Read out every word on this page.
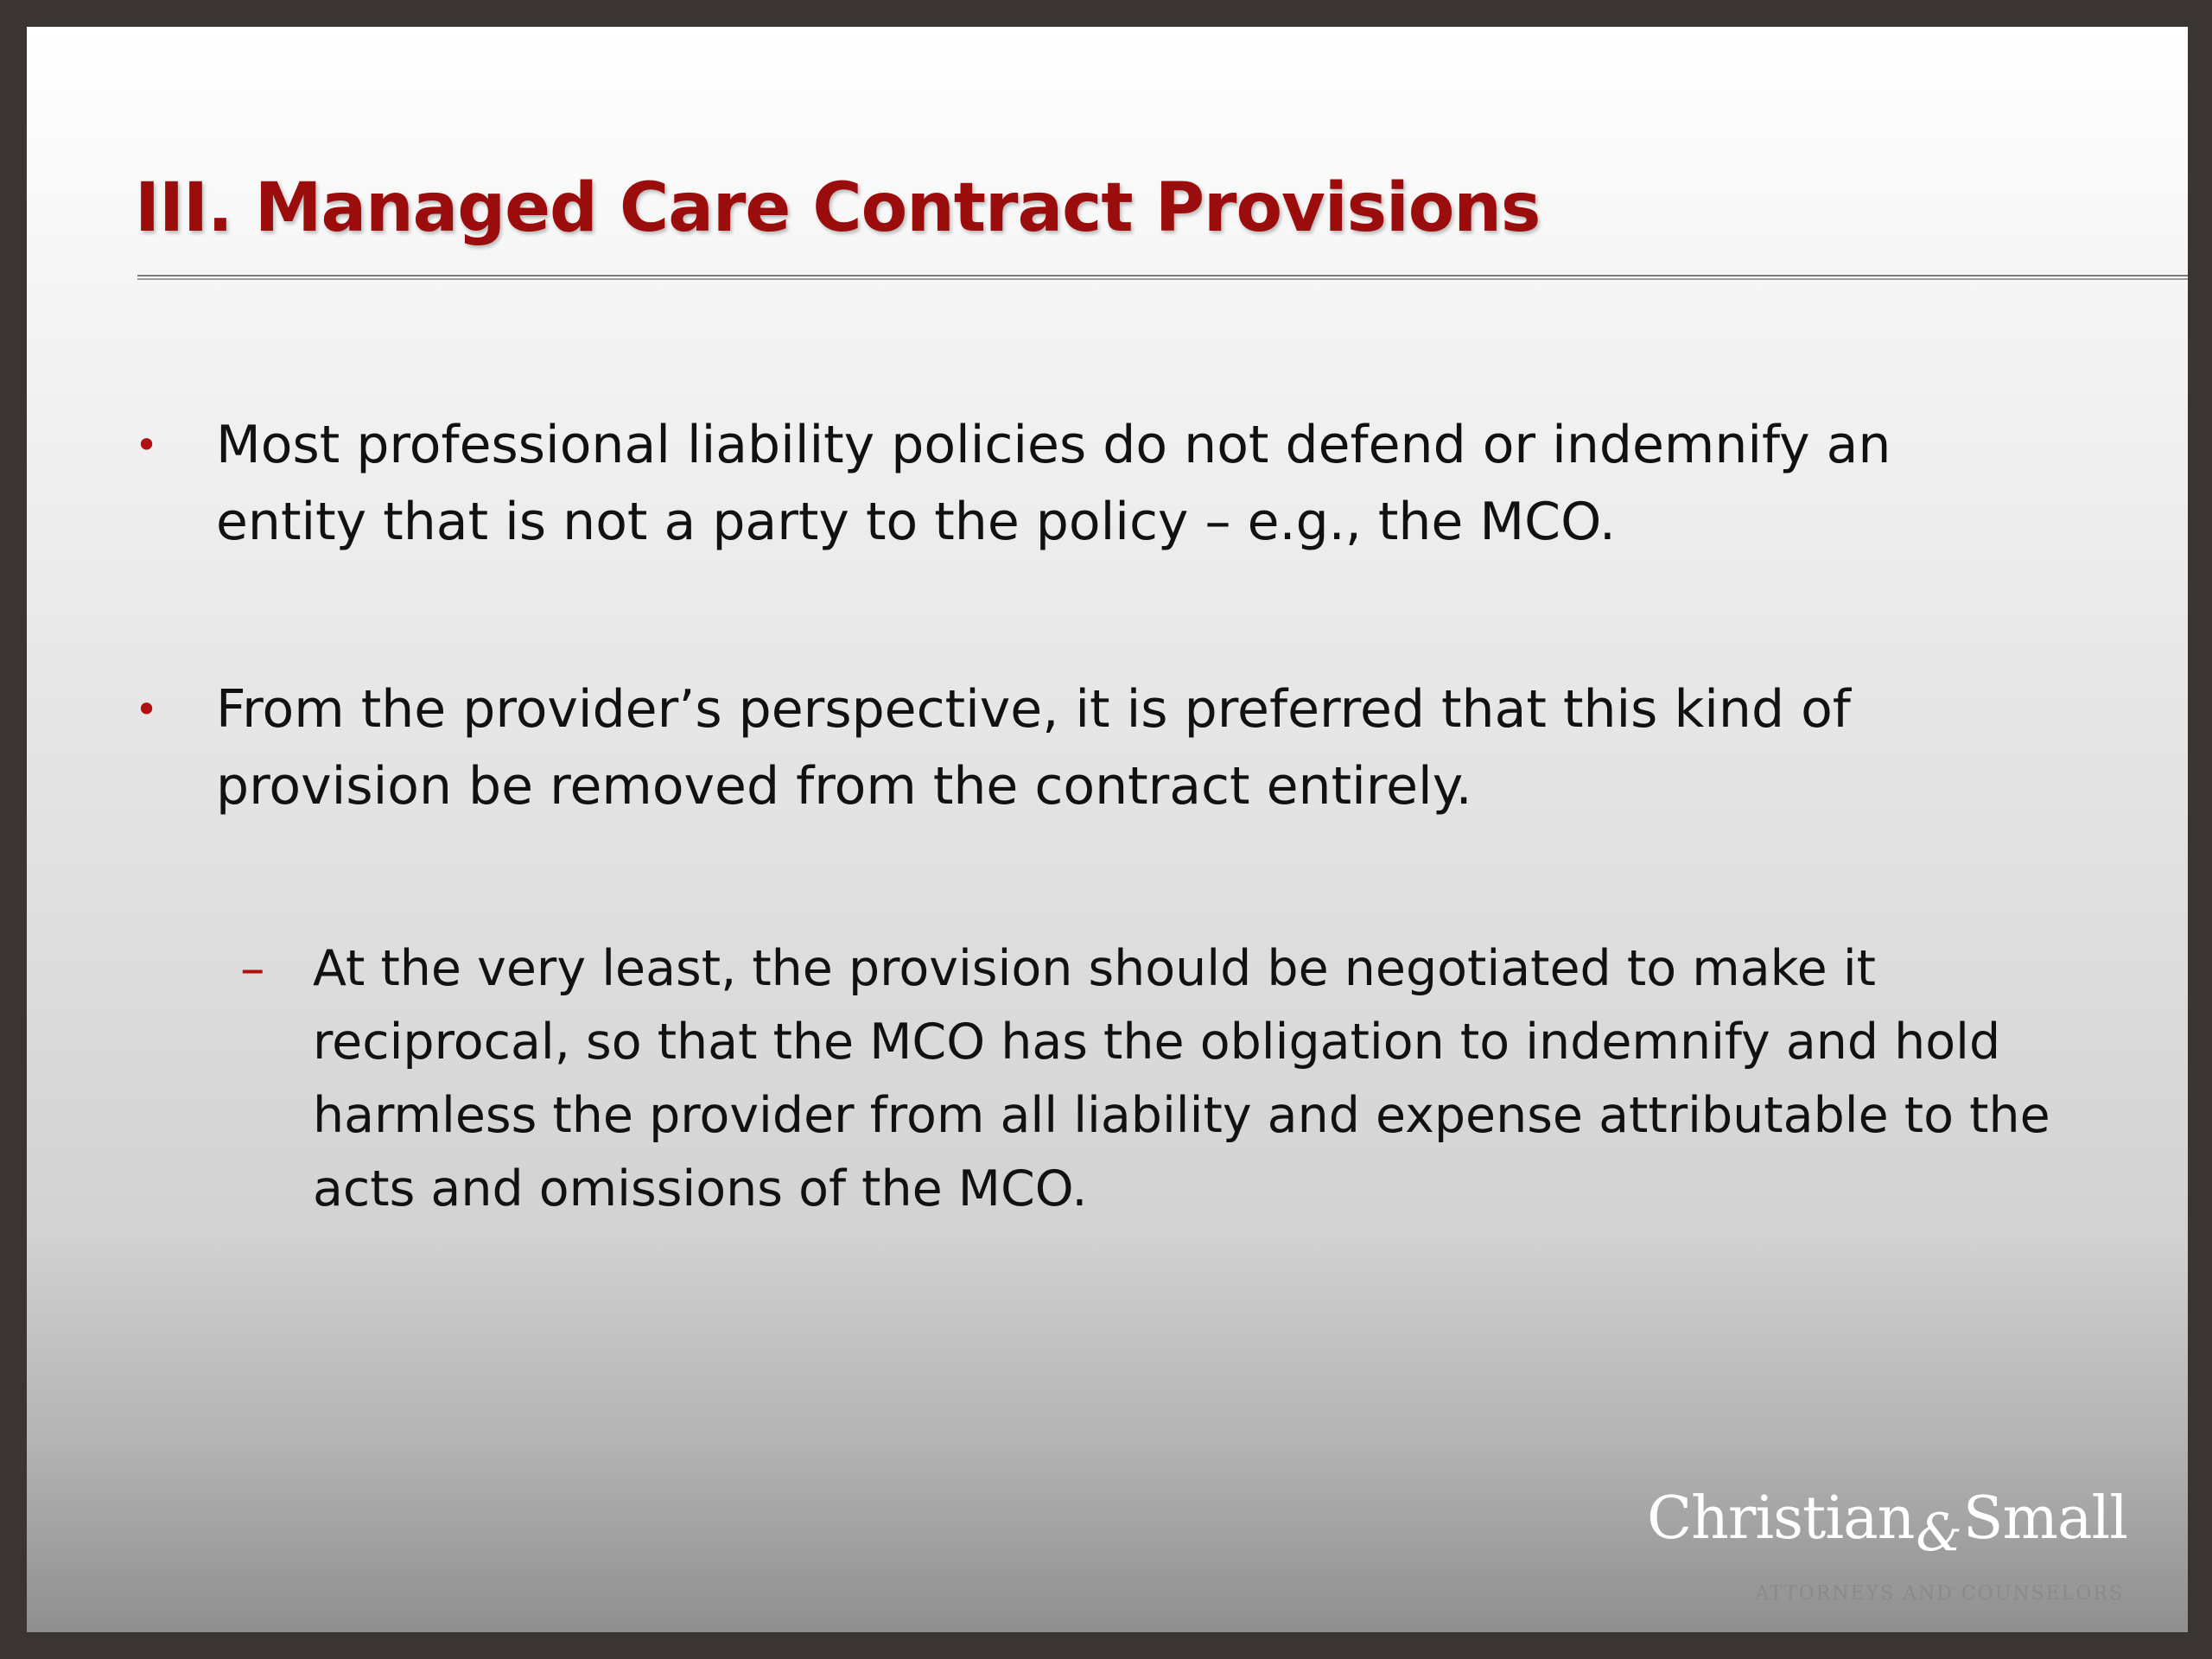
III. Managed Care Contract Provisions
• Most professional liability policies do not defend or indemnify an entity that is not a party to the policy – e.g., the MCO.
• From the provider’s perspective, it is preferred that this kind of provision be removed from the contract entirely.
– At the very least, the provision should be negotiated to make it reciprocal, so that the MCO has the obligation to indemnify and hold harmless the provider from all liability and expense attributable to the acts and omissions of the MCO.
Christian&Small
ATTORNEYS AND COUNSELORS
